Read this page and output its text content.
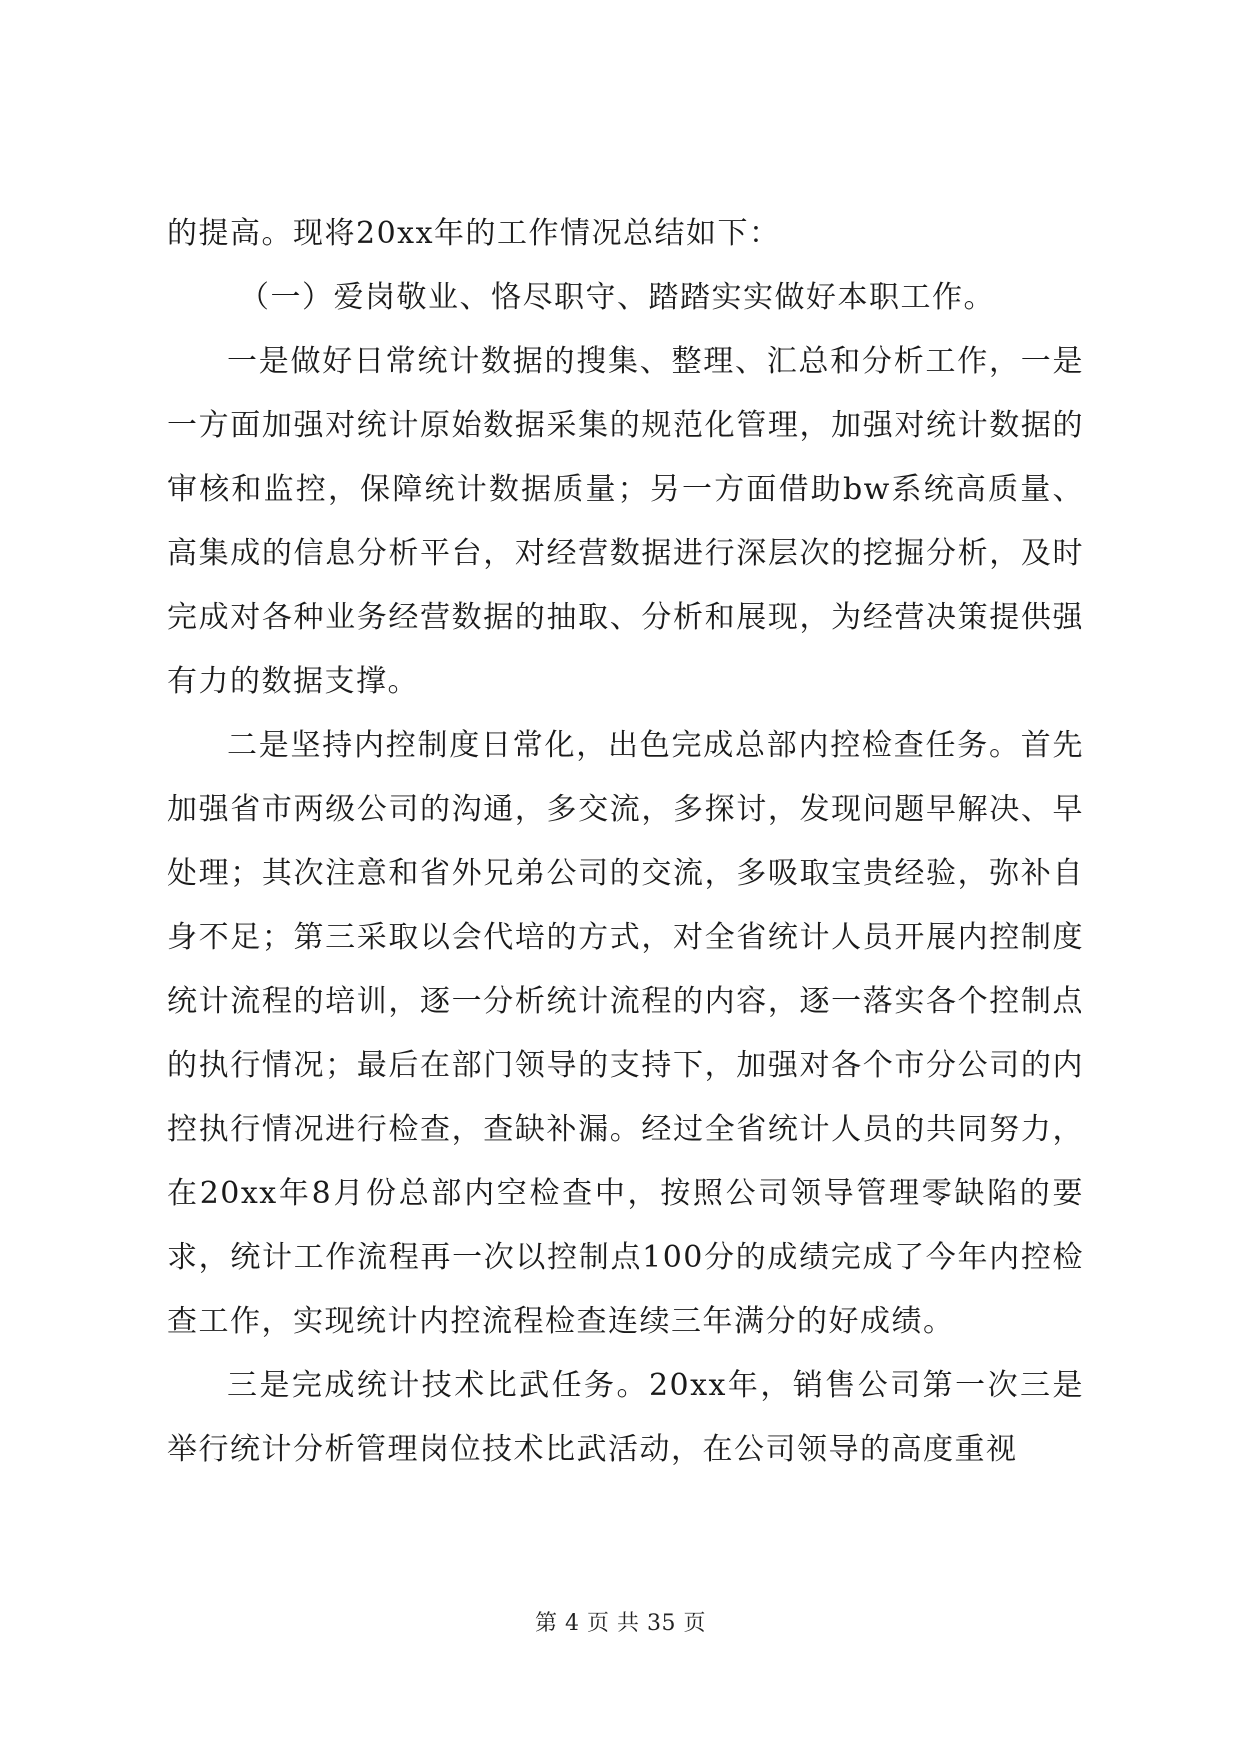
的提高。现将20xx年的工作情况总结如下：

（一）爱岗敬业、恪尽职守、踏踏实实做好本职工作。

一是做好日常统计数据的搜集、整理、汇总和分析工作，一是一方面加强对统计原始数据采集的规范化管理，加强对统计数据的审核和监控，保障统计数据质量；另一方面借助bw系统高质量、高集成的信息分析平台，对经营数据进行深层次的挖掘分析，及时完成对各种业务经营数据的抽取、分析和展现，为经营决策提供强有力的数据支撑。

二是坚持内控制度日常化，出色完成总部内控检查任务。首先加强省市两级公司的沟通，多交流，多探讨，发现问题早解决、早处理；其次注意和省外兄弟公司的交流，多吸取宝贵经验，弥补自身不足；第三采取以会代培的方式，对全省统计人员开展内控制度统计流程的培训，逐一分析统计流程的内容，逐一落实各个控制点的执行情况；最后在部门领导的支持下，加强对各个市分公司的内控执行情况进行检查，查缺补漏。经过全省统计人员的共同努力，在20xx年8月份总部内空检查中，按照公司领导管理零缺陷的要求，统计工作流程再一次以控制点100分的成绩完成了今年内控检查工作，实现统计内控流程检查连续三年满分的好成绩。

三是完成统计技术比武任务。20xx年，销售公司第一次三是举行统计分析管理岗位技术比武活动，在公司领导的高度重视

第 4 页 共 35 页
